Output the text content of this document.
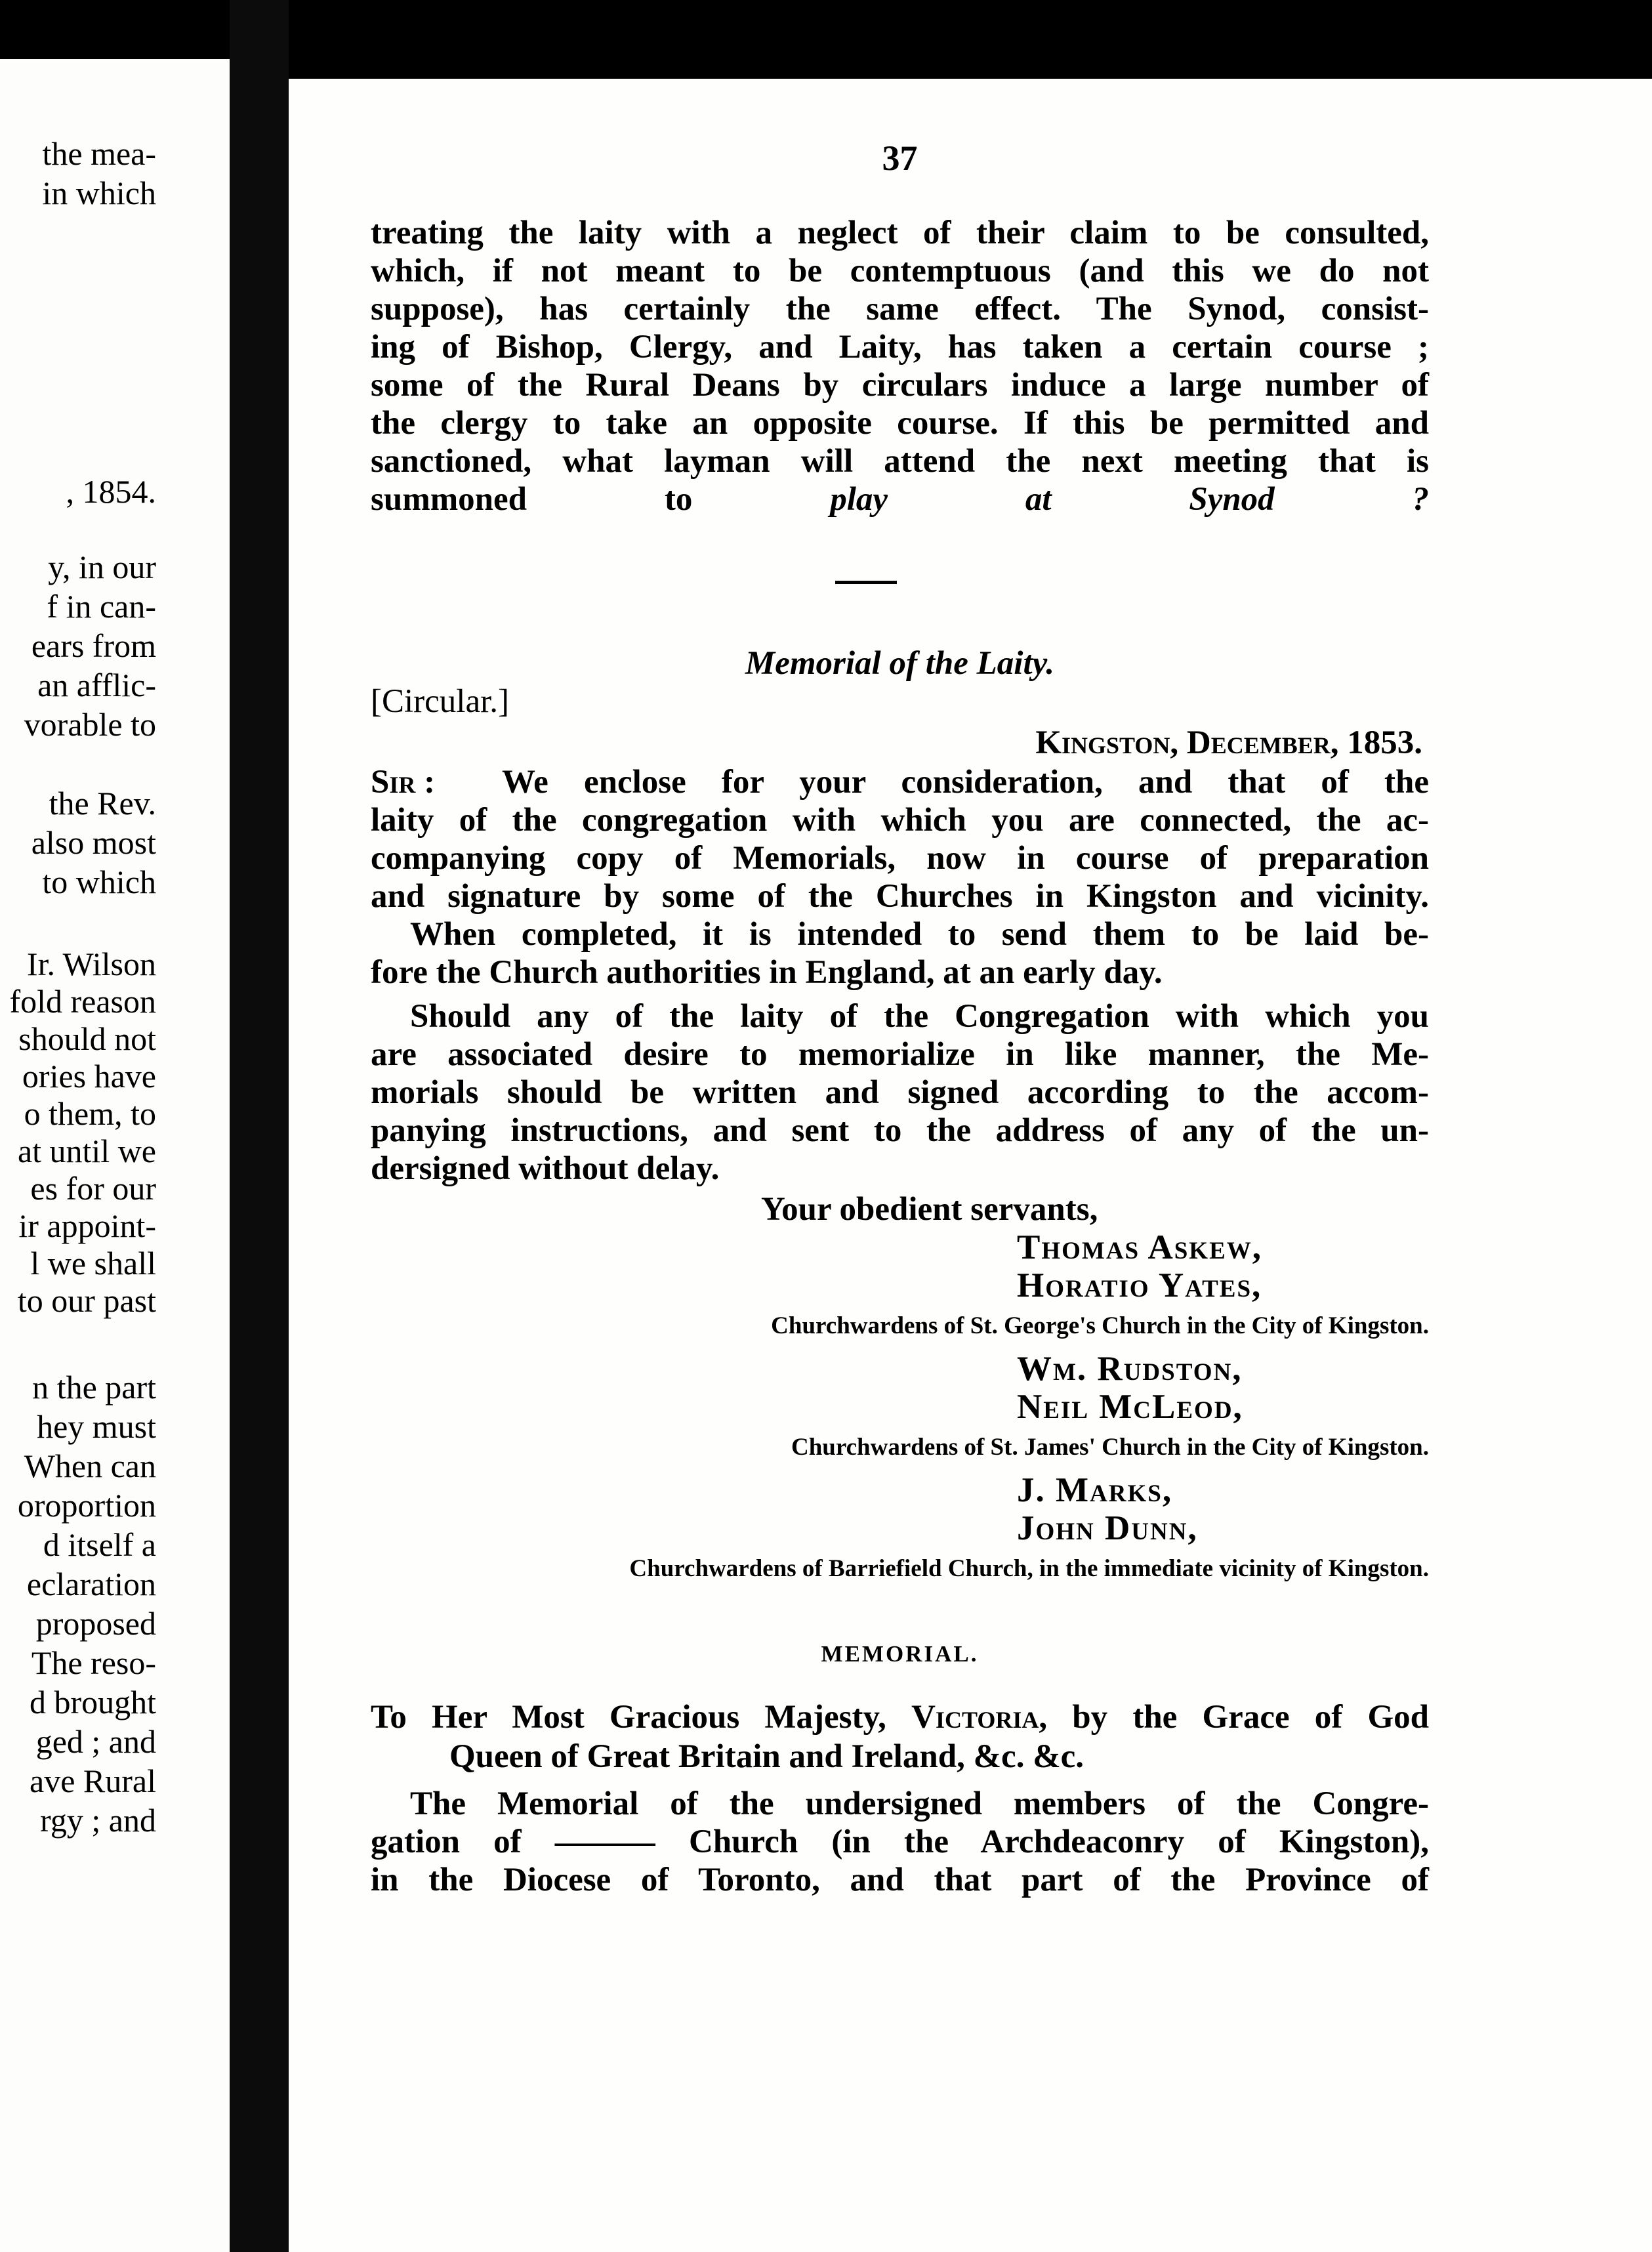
the mea-
in which
, 1854.
y, in our
f in can-
ears from
an afflic-
vorable to
the Rev.
also most
to which
Ir. Wilson
fold reason
should not
ories have
o them, to
at until we
es for our
ir appoint-
l we shall
to our past
n the part
hey must
When can
oroportion
d itself a
eclaration
proposed
The reso-
d brought
ged ; and
ave Rural
rgy ; and
37
treating the laity with a neglect of their claim to be consulted,
which, if not meant to be contemptuous (and this we do not
suppose), has certainly the same effect. The Synod, consist-
ing of Bishop, Clergy, and Laity, has taken a certain course ;
some of the Rural Deans by circulars induce a large number of
the clergy to take an opposite course. If this be permitted and
sanctioned, what layman will attend the next meeting that is
summoned to play at Synod ?
Memorial of the Laity.
[Circular.]
Kingston, December, 1853.
Sir :	We enclose for your consideration, and that of the
laity of the congregation with which you are connected, the ac-
companying copy of Memorials, now in course of preparation
and signature by some of the Churches in Kingston and vicinity.
When completed, it is intended to send them to be laid be-
fore the Church authorities in England, at an early day.
Should any of the laity of the Congregation with which you
are associated desire to memorialize in like manner, the Me-
morials should be written and signed according to the accom-
panying instructions, and sent to the address of any of the un-
dersigned without delay.
Your obedient servants,
Thomas Askew,
Horatio Yates,
Churchwardens of St. George's Church in the City of Kingston.
Wm. Rudston,
Neil McLeod,
Churchwardens of St. James' Church in the City of Kingston.
J. Marks,
John Dunn,
Churchwardens of Barriefield Church, in the immediate vicinity of Kingston.
MEMORIAL.
To Her Most Gracious Majesty, Victoria, by the Grace of God
Queen of Great Britain and Ireland, &c. &c.
The Memorial of the undersigned members of the Congre-
gation of ——— Church (in the Archdeaconry of Kingston),
in the Diocese of Toronto, and that part of the Province of
